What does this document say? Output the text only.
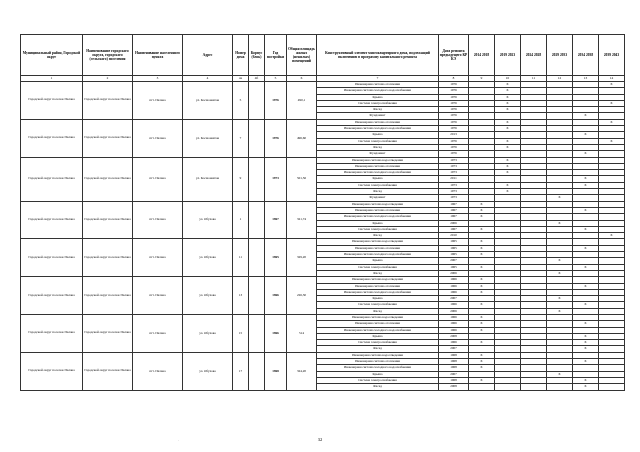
Муниципальный район, Городской округ	Наименование городского округа, городского (сельского) поселения	Наименование населенного пункта	Адрес	Номер дома	Корпус (блок)	Год постройки	Общая площадь жилых (нежилых) помещений	Конструктивный элемент многоквартирного дома, подлежащий включению в программу капитального ремонта	Дата ремонта предыдущего КР КЭ	2014 2018	2019 2023	2024 2028	2029 2033	2034 2038	2039 2043
1	2	3	4	4a	4б	5	6	7	8	9	10	11	12	13	14
Городской округ поселок Палана	Городской округ поселок Палана	пгт. Палана	ул. Космонавтов	5		1976	490,1	Инженерная система отопления	1976		X				X
								Инженерная система холодного водоснабжения	1976		X				
								Крыша	1976		X				
								Система электроснабжения	1976		X				X
								Фасад	1976		X				
								Фундамент	1976					X	
Городской округ поселок Палана	Городской округ поселок Палана	пгт. Палана	ул. Космонавтов	7		1976	496,60	Инженерная система отопления	1976		X				X
								Инженерная система холодного водоснабжения	1976		X				
								Крыша	2013					X	
								Система электроснабжения	1976		X				X
								Фасад	1976		X				
								Фундамент	1976					X	
Городской округ поселок Палана	Городской округ поселок Палана	пгт. Палана	ул. Космонавтов	9		1973	501,56	Инженерная система водоотведения	1973		X				
								Инженерная система отопления	1973		X				
								Инженерная система холодного водоснабжения	1973		X				
								Крыша	2011					X	
								Система электроснабжения	1973		X			X	
								Фасад	1973		X				
								Фундамент	1973				X		
Городской округ поселок Палана	Городской округ поселок Палана	пгт. Палана	ул. Обухова	1		1967	321,74	Инженерная система водоотведения	1967	X					
								Инженерная система отопления	1967	X				X	
								Инженерная система холодного водоснабжения	1967	X					
								Крыша	2006				X		
								Система электроснабжения	1967	X				X	
								Фасад	2010						X
Городской округ поселок Палана	Городской округ поселок Палана	пгт. Палана	ул. Обухова	11		1965	329,20	Инженерная система водоотведения	1965	X					
								Инженерная система отопления	1965	X				X	
								Инженерная система холодного водоснабжения	1965	X					
								Крыша	2007				X		
								Система электроснабжения	1965	X				X	
								Фасад	2006				X		
Городской округ поселок Палана	Городской округ поселок Палана	пгт. Палана	ул. Обухова	13		1966	226,30	Инженерная система водоотведения	1966	X					
								Инженерная система отопления	1966	X				X	
								Инженерная система холодного водоснабжения	1966	X					
								Крыша	2007				X		
								Система электроснабжения	1966	X				X	
								Фасад	2006				X		
Городской округ поселок Палана	Городской округ поселок Палана	пгт. Палана	ул. Обухова	15		1966	514	Инженерная система водоотведения	1966	X					
								Инженерная система отопления	1966	X				X	
								Инженерная система холодного водоснабжения	1966	X					
								Крыша	2008					X	
								Система электроснабжения	1966	X				X	
								Фасад	2007					X	
Городской округ поселок Палана	Городской округ поселок Палана	пгт. Палана	ул. Обухова	17		1968	324,20	Инженерная система водоотведения	1968	X					
								Инженерная система отопления	1968	X				X	
								Инженерная система холодного водоснабжения	1968	X					
								Крыша	2007				X		
								Система электроснабжения	1968	X				X	
								Фасад	2008					X	
.	32
